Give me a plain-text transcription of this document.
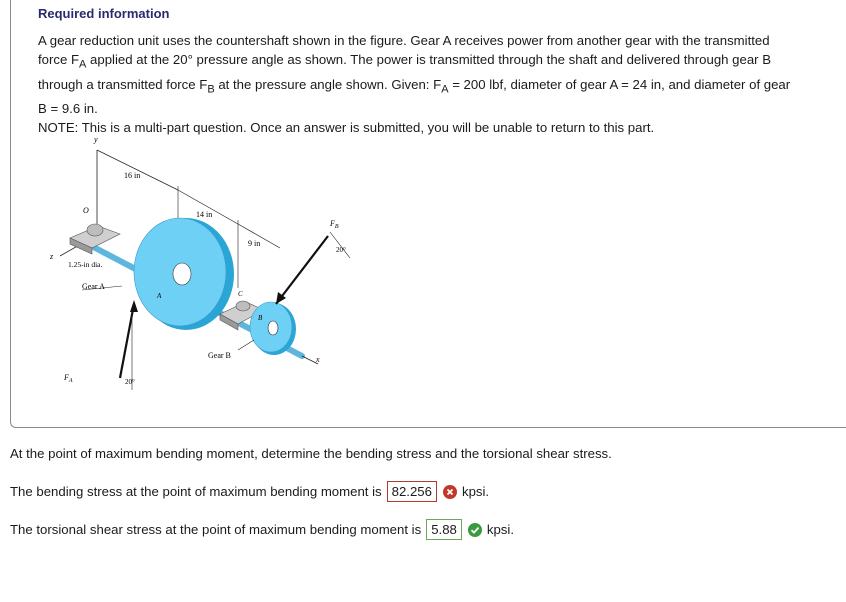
Required information

A gear reduction unit uses the countershaft shown in the figure. Gear A receives power from another gear with the transmitted force $F_A$ applied at the 20° pressure angle as shown. The power is transmitted through the shaft and delivered through gear B through a transmitted force $F_B$ at the pressure angle shown. Given: $F_A = 200$ lbf, diameter of gear A = 24 in, and diameter of gear B = 9.6 in.

NOTE: This is a multi-part question. Once an answer is submitted, you will be unable to return to this part.

y
O
z
16 in
14 in
9 in
x
1.25-in dia.
Gear A
A	C
B
Gear B
$F_A$	20°
$F_B$
20°
At the point of maximum bending moment, determine the bending stress and the torsional shear stress.
The bending stress at the point of maximum bending moment is 82.256	kpsi.
The torsional shear stress at the point of maximum bending moment is 5.88	kpsi.
